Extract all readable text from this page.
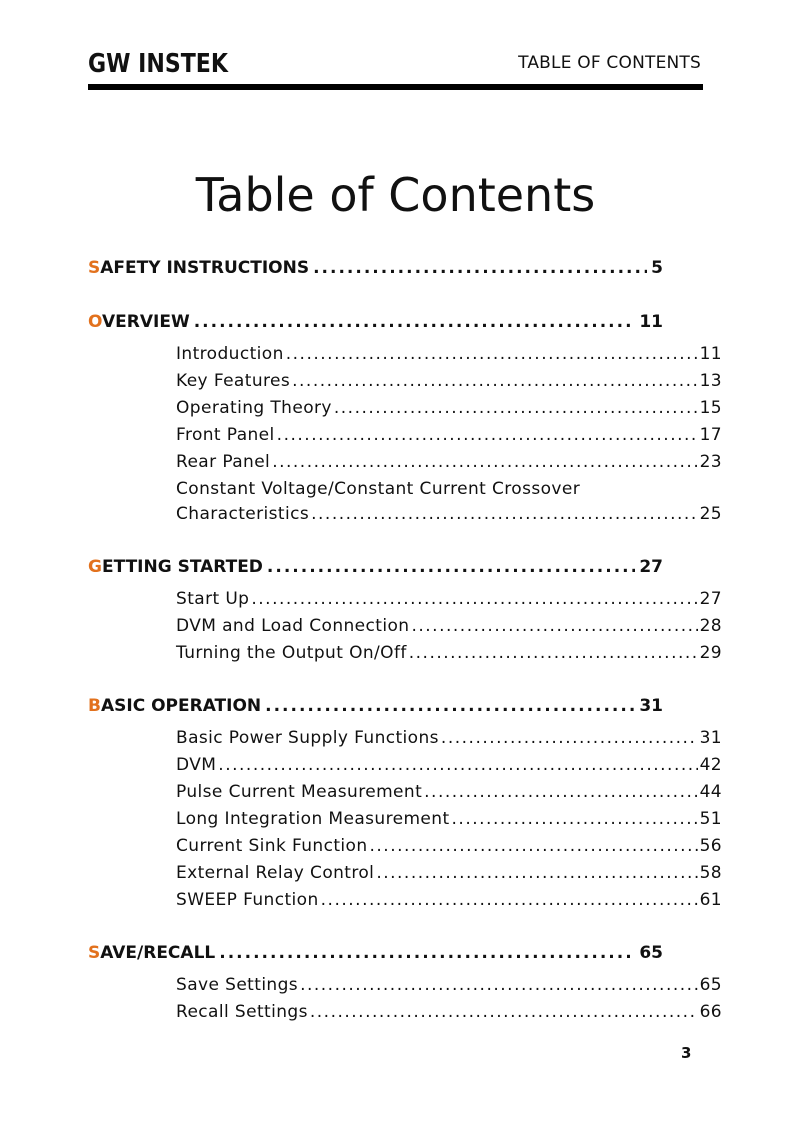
GW INSTEK	TABLE OF CONTENTS
Table of Contents
SAFETY INSTRUCTIONS .....	5
OVERVIEW .....	11
Introduction .....	11
Key Features .....	13
Operating Theory .....	15
Front Panel .....	17
Rear Panel .....	23
Constant Voltage/Constant Current Crossover
Characteristics .....	25
GETTING STARTED .....	27
Start Up .....	27
DVM and Load Connection .....	28
Turning the Output On/Off .....	29
BASIC OPERATION .....	31
Basic Power Supply Functions .....	31
DVM .....	42
Pulse Current Measurement .....	44
Long Integration Measurement .....	51
Current Sink Function .....	56
External Relay Control .....	58
SWEEP Function .....	61
SAVE/RECALL .....	65
Save Settings .....	65
Recall Settings .....	66
3
